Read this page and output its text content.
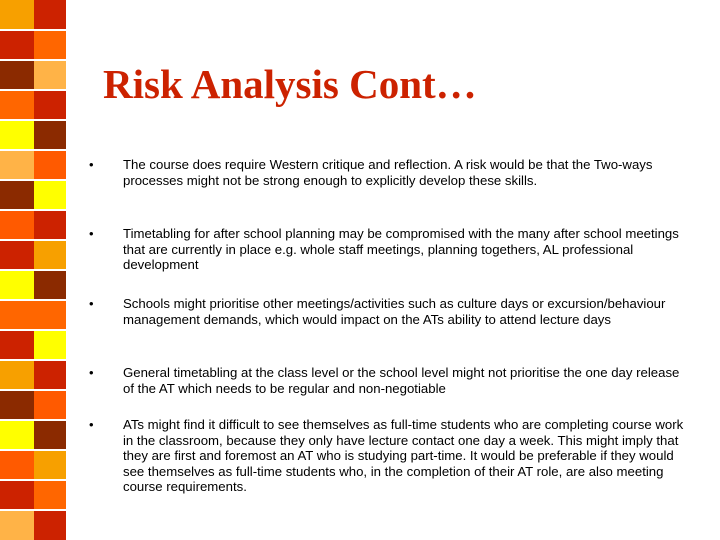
Risk Analysis Cont…
•	The course does require Western critique and reflection. A risk would be that the Two-ways processes might not be strong enough to explicitly develop these skills.
•	Timetabling for after school planning may be compromised with the many after school meetings that are currently in place e.g. whole staff meetings, planning togethers, AL professional development
•	Schools might prioritise other meetings/activities such as culture days or excursion/behaviour management demands, which would impact on the ATs ability to attend lecture days
•	General timetabling at the class level or the school level might not prioritise the one day release of the AT which needs to be regular and non-negotiable
•	ATs might find it difficult to see themselves as full-time students who are completing course work in the classroom, because they only have lecture contact one day a week. This might imply that they are first and foremost an AT who is studying part-time. It would be preferable if they would see themselves as full-time students who, in the completion of their AT role, are also meeting course requirements.
